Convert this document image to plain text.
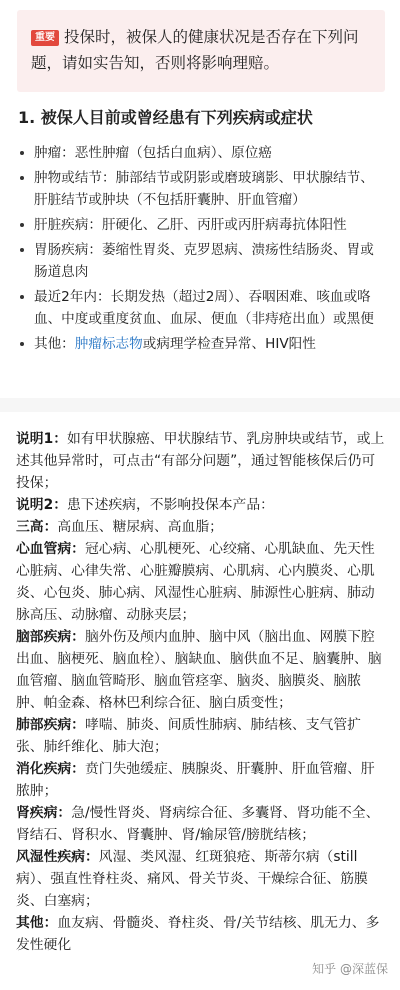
重要 投保时，被保人的健康状况是否存在下列问题，请如实告知，否则将影响理赔。
1. 被保人目前或曾经患有下列疾病或症状
肿瘤：恶性肿瘤（包括白血病）、原位癌
肿物或结节：肺部结节或阴影或磨玻璃影、甲状腺结节、肝脏结节或肿块（不包括肝囊肿、肝血管瘤）
肝脏疾病：肝硬化、乙肝、丙肝或丙肝病毒抗体阳性
胃肠疾病：萎缩性胃炎、克罗恩病、溃疡性结肠炎、胃或肠道息肉
最近2年内：长期发热（超过2周）、吞咽困难、咳血或咯血、中度或重度贫血、血尿、便血（非痔疮出血）或黑便
其他：肿瘤标志物或病理学检查异常、HIV阳性

说明1：如有甲状腺癌、甲状腺结节、乳房肿块或结节，或上述其他异常时，可点击“有部分问题”，通过智能核保后仍可投保；

说明2：患下述疾病，不影响投保本产品：

三高：高血压、糖尿病、高血脂；

心血管病：冠心病、心肌梗死、心绞痛、心肌缺血、先天性心脏病、心律失常、心脏瓣膜病、心肌病、心内膜炎、心肌炎、心包炎、肺心病、风湿性心脏病、肺源性心脏病、肺动脉高压、动脉瘤、动脉夹层；

脑部疾病：脑外伤及颅内血肿、脑中风（脑出血、网膜下腔出血、脑梗死、脑血栓）、脑缺血、脑供血不足、脑囊肿、脑血管瘤、脑血管畸形、脑血管痉挛、脑炎、脑膜炎、脑脓肿、帕金森、格林巴利综合征、脑白质变性；

肺部疾病：哮喘、肺炎、间质性肺病、肺结核、支气管扩张、肺纤维化、肺大泡；

消化疾病：贲门失弛缓症、胰腺炎、肝囊肿、肝血管瘤、肝脓肿；

肾疾病：急/慢性肾炎、肾病综合征、多囊肾、肾功能不全、肾结石、肾积水、肾囊肿、肾/输尿管/膀胱结核；

风湿性疾病：风湿、类风湿、红斑狼疮、斯蒂尔病（still病）、强直性脊柱炎、痛风、骨关节炎、干燥综合征、筋膜炎、白塞病；

其他：血友病、骨髓炎、脊柱炎、骨/关节结核、肌无力、多发性硬化

知乎 @深蓝保
